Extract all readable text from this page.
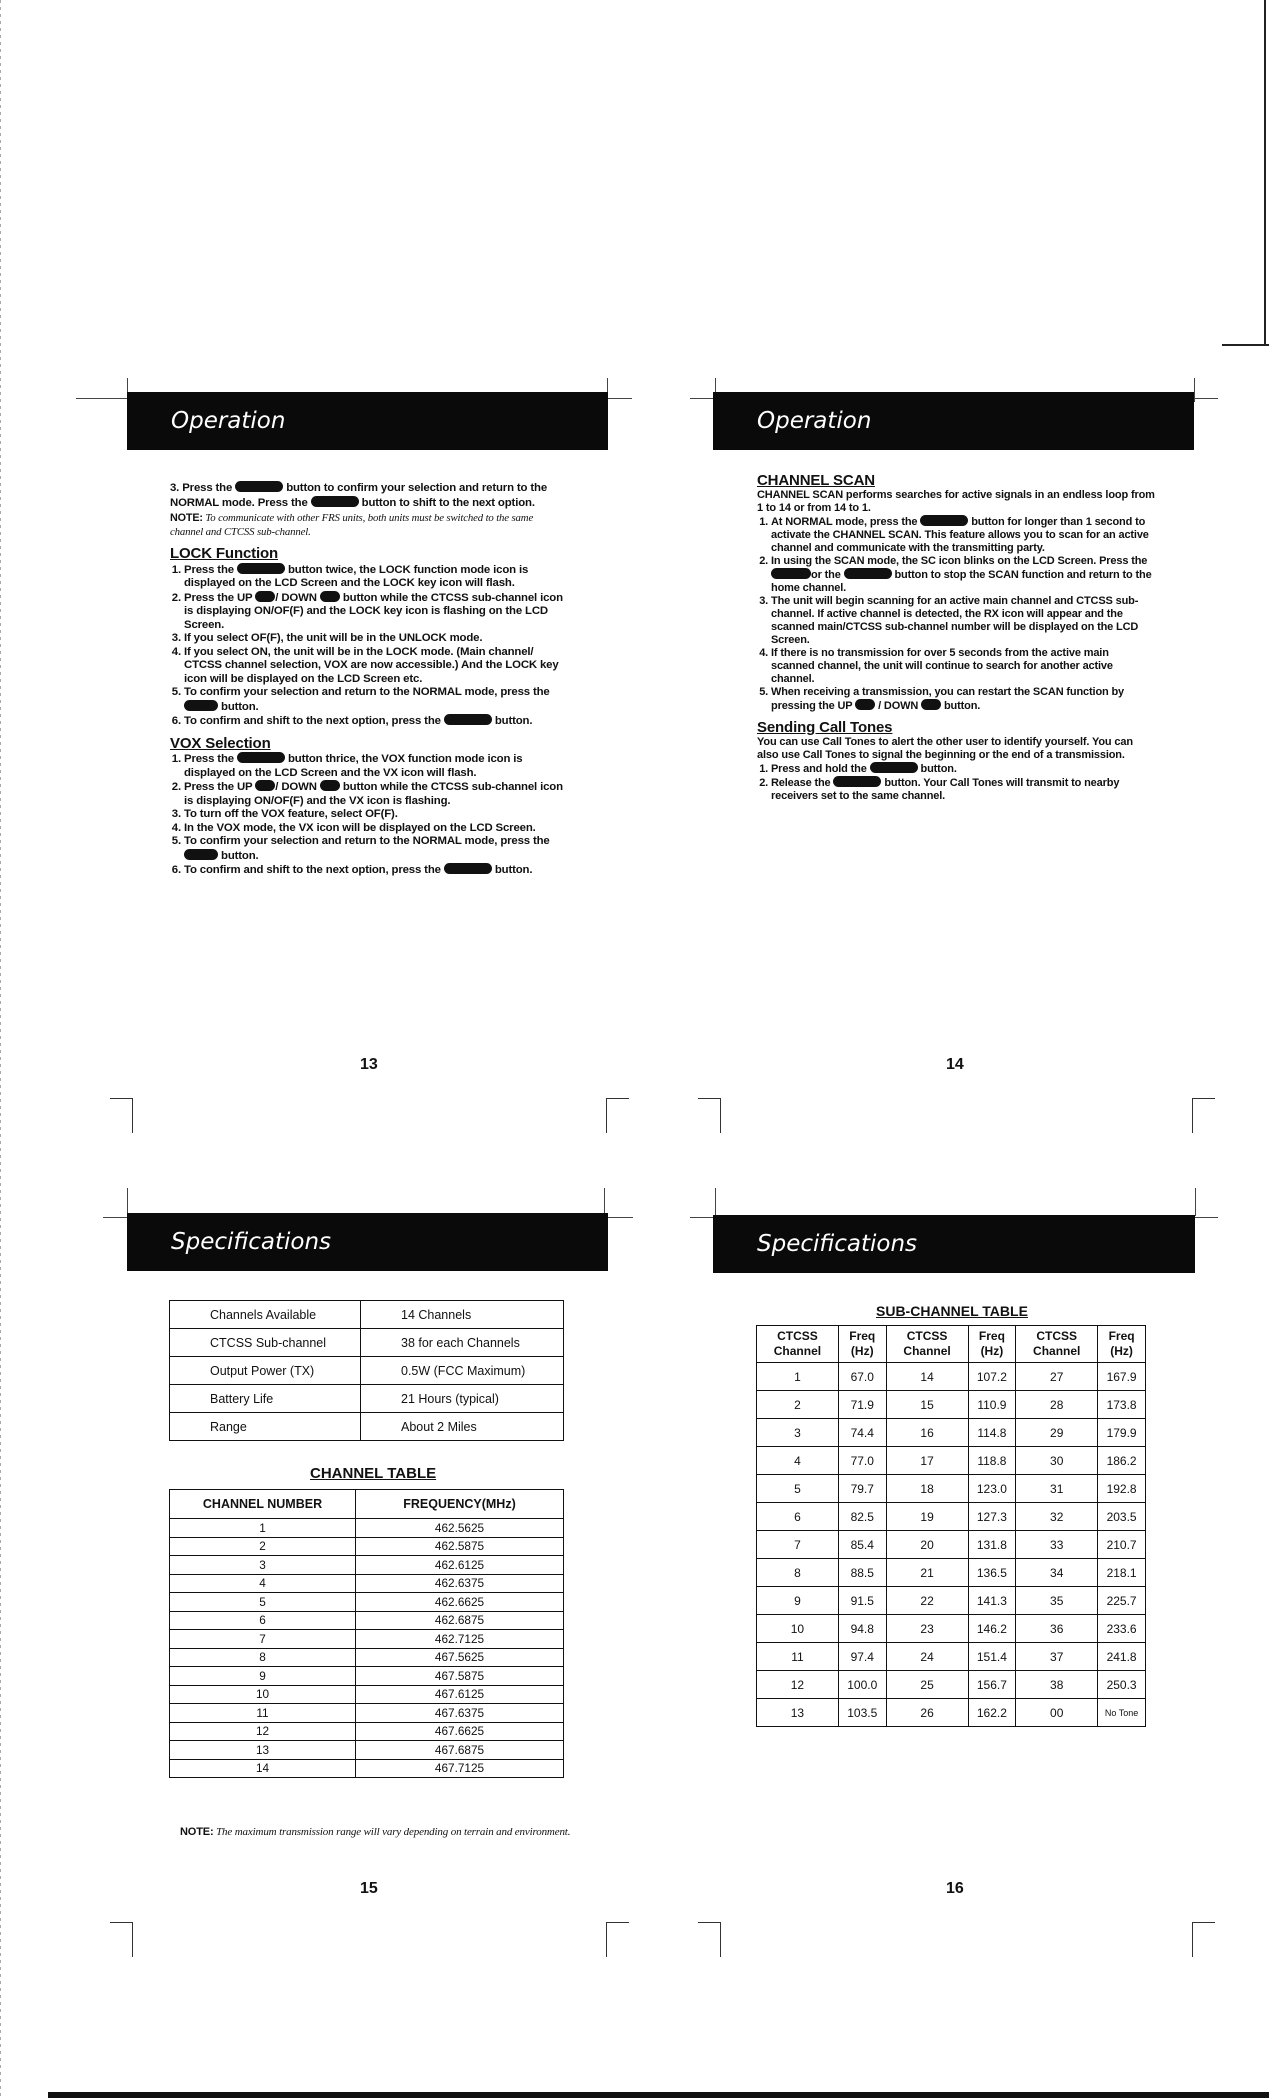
Operation

3. Press the	button to confirm your selection and return to the NORMAL mode. Press the	button to shift to the next option.

NOTE: To communicate with other FRS units, both units must be switched to the same channel and CTCSS sub-channel.

LOCK Function
1. Press the	button twice, the LOCK function mode icon is displayed on the LCD Screen and the LOCK key icon will flash.
2. Press the UP / DOWN button while the CTCSS sub-channel icon is displaying ON/OF(F) and the LOCK key icon is flashing on the LCD Screen.
3. If you select OF(F), the unit will be in the UNLOCK mode.
4. If you select ON, the unit will be in the LOCK mode. (Main channel/ CTCSS channel selection, VOX are now accessible.) And the LOCK key icon will be displayed on the LCD Screen etc.
5. To confirm your selection and return to the NORMAL mode, press the  button.
6. To confirm and shift to the next option, press the	button.
VOX Selection
1. Press the	button thrice, the VOX function mode icon is displayed on the LCD Screen and the VX icon will flash.
2. Press the UP / DOWN button while the CTCSS sub-channel icon is displaying ON/OF(F) and the VX icon is flashing.
3. To turn off the VOX feature, select OF(F).
4. In the VOX mode, the VX icon will be displayed on the LCD Screen.
5. To confirm your selection and return to the NORMAL mode, press the  button.
6. To confirm and shift to the next option, press the	button.
13
Operation
CHANNEL SCAN

CHANNEL SCAN performs searches for active signals in an endless loop from 1 to 14 or from 14 to 1.

1. At NORMAL mode, press the	button for longer than 1 second to activate the CHANNEL SCAN. This feature allows you to scan for an active channel and communicate with the transmitting party.
2. In using the SCAN mode, the SC icon blinks on the LCD Screen. Press the or the	button to stop the SCAN function and return to the home channel.
3. The unit will begin scanning for an active main channel and CTCSS sub-channel. If active channel is detected, the RX icon will appear and the scanned main/CTCSS sub-channel number will be displayed on the LCD Screen.
4. If there is no transmission for over 5 seconds from the active main scanned channel, the unit will continue to search for another active channel.
5. When receiving a transmission, you can restart the SCAN function by pressing the UP / DOWN button.
Sending Call Tones

You can use Call Tones to alert the other user to identify yourself. You can also use Call Tones to signal the beginning or the end of a transmission.

1. Press and hold the	button.
2. Release the	button. Your Call Tones will transmit to nearby receivers set to the same channel.
14
Specifications
Channels Available	14 Channels
CTCSS Sub-channel	38 for each Channels
Output Power (TX)	0.5W (FCC Maximum)
Battery Life	21 Hours (typical)
Range	About 2 Miles
CHANNEL TABLE
CHANNEL NUMBER	FREQUENCY(MHz)
1	462.5625
2	462.5875
3	462.6125
4	462.6375
5	462.6625
6	462.6875
7	462.7125
8	467.5625
9	467.5875
10	467.6125
11	467.6375
12	467.6625
13	467.6875
14	467.7125

NOTE: The maximum transmission range will vary depending on terrain and environment.

15
Specifications
SUB-CHANNEL TABLE
CTCSS Channel	Freq (Hz)	CTCSS Channel	Freq (Hz)	CTCSS Channel	Freq (Hz)
1	67.0	14	107.2	27	167.9
2	71.9	15	110.9	28	173.8
3	74.4	16	114.8	29	179.9
4	77.0	17	118.8	30	186.2
5	79.7	18	123.0	31	192.8
6	82.5	19	127.3	32	203.5
7	85.4	20	131.8	33	210.7
8	88.5	21	136.5	34	218.1
9	91.5	22	141.3	35	225.7
10	94.8	23	146.2	36	233.6
11	97.4	24	151.4	37	241.8
12	100.0	25	156.7	38	250.3
13	103.5	26	162.2	00	No Tone
16
